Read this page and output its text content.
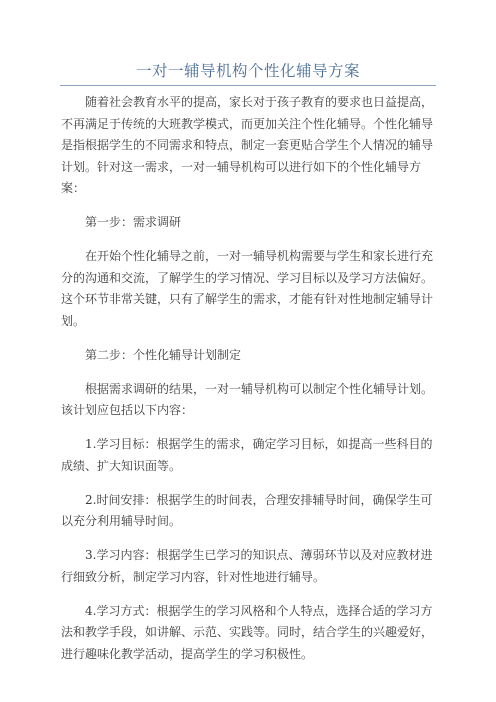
一对一辅导机构个性化辅导方案

随着社会教育水平的提高，家长对于孩子教育的要求也日益提高，不再满足于传统的大班教学模式，而更加关注个性化辅导。个性化辅导是指根据学生的不同需求和特点，制定一套更贴合学生个人情况的辅导计划。针对这一需求，一对一辅导机构可以进行如下的个性化辅导方案：

第一步：需求调研

在开始个性化辅导之前，一对一辅导机构需要与学生和家长进行充分的沟通和交流，了解学生的学习情况、学习目标以及学习方法偏好。这个环节非常关键，只有了解学生的需求，才能有针对性地制定辅导计划。

第二步：个性化辅导计划制定

根据需求调研的结果，一对一辅导机构可以制定个性化辅导计划。该计划应包括以下内容：

1.学习目标：根据学生的需求，确定学习目标，如提高一些科目的成绩、扩大知识面等。

2.时间安排：根据学生的时间表，合理安排辅导时间，确保学生可以充分利用辅导时间。

3.学习内容：根据学生已学习的知识点、薄弱环节以及对应教材进行细致分析，制定学习内容，针对性地进行辅导。

4.学习方式：根据学生的学习风格和个人特点，选择合适的学习方法和教学手段，如讲解、示范、实践等。同时，结合学生的兴趣爱好，进行趣味化教学活动，提高学生的学习积极性。
